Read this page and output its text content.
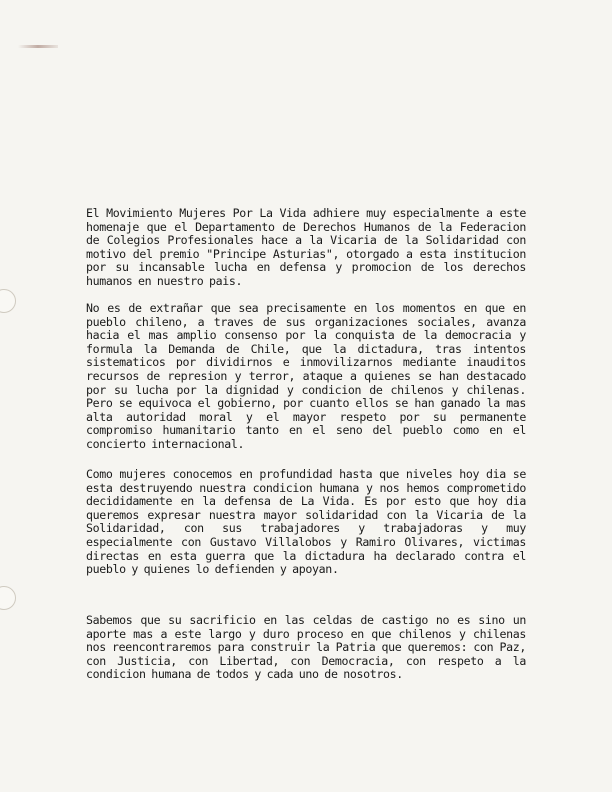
El Movimiento Mujeres Por La Vida adhiere muy especialmente a este homenaje que el Departamento de Derechos Humanos de la Federacion de Colegios Profesionales hace a la Vicaria de la Solidaridad con motivo del premio "Principe Asturias", otorgado a esta institucion por su incansable lucha en defensa y promocion de los derechos humanos en nuestro pais.

No es de extrañar que sea precisamente en los momentos en que en pueblo chileno, a traves de sus organizaciones sociales, avanza hacia el mas amplio consenso por la conquista de la democracia y formula la Demanda de Chile, que la dictadura, tras intentos sistematicos por dividirnos e inmovilizarnos mediante inauditos recursos de represion y terror, ataque a quienes se han destacado por su lucha por la dignidad y condicion de chilenos y chilenas. Pero se equivoca el gobierno, por cuanto ellos se han ganado la mas alta autoridad moral y el mayor respeto por su permanente compromiso humanitario tanto en el seno del pueblo como en el concierto internacional.

Como mujeres conocemos en profundidad hasta que niveles hoy dia se esta destruyendo nuestra condicion humana y nos hemos comprometido decididamente en la defensa de La Vida. Es por esto que hoy dia queremos expresar nuestra mayor solidaridad con la Vicaria de la Solidaridad, con sus trabajadores y trabajadoras y muy especialmente con Gustavo Villalobos y Ramiro Olivares, victimas directas en esta guerra que la dictadura ha declarado contra el pueblo y quienes lo defienden y apoyan.

Sabemos que su sacrificio en las celdas de castigo no es sino un aporte mas a este largo y duro proceso en que chilenos y chilenas nos reencontraremos para construir la Patria que queremos: con Paz, con Justicia, con Libertad, con Democracia, con respeto a la condicion humana de todos y cada uno de nosotros.
